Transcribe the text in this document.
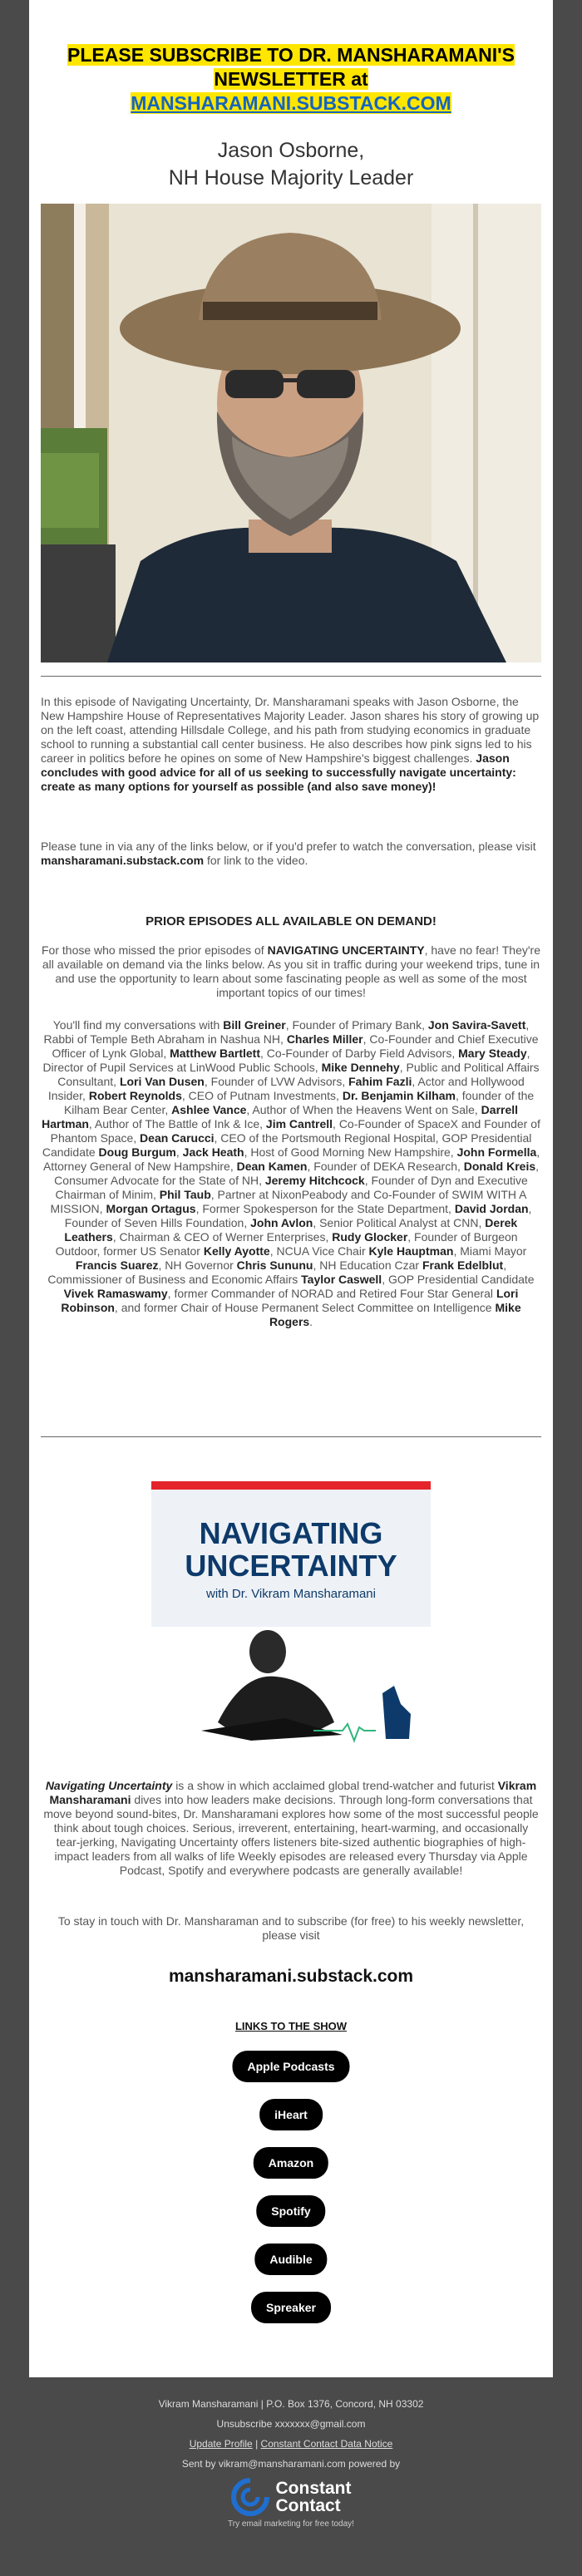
PLEASE SUBSCRIBE TO DR. MANSHARAMANI'S
NEWSLETTER at
MANSHARAMANI.SUBSTACK.COM
Jason Osborne,
NH House Majority Leader
In this episode of Navigating Uncertainty, Dr. Mansharamani speaks with Jason Osborne, the New Hampshire House of Representatives Majority Leader. Jason shares his story of growing up on the left coast, attending Hillsdale College, and his path from studying economics in graduate school to running a substantial call center business. He also describes how pink signs led to his career in politics before he opines on some of New Hampshire's biggest challenges. Jason concludes with good advice for all of us seeking to successfully navigate uncertainty: create as many options for yourself as possible (and also save money)!
Please tune in via any of the links below, or if you'd prefer to watch the conversation, please visit mansharamani.substack.com for link to the video.
PRIOR EPISODES ALL AVAILABLE ON DEMAND!
For those who missed the prior episodes of NAVIGATING UNCERTAINTY, have no fear! They're all available on demand via the links below. As you sit in traffic during your weekend trips, tune in and use the opportunity to learn about some fascinating people as well as some of the most important topics of our times!
You'll find my conversations with Bill Greiner, Founder of Primary Bank, Jon Savira-Savett, Rabbi of Temple Beth Abraham in Nashua NH, Charles Miller, Co-Founder and Chief Executive Officer of Lynk Global, Matthew Bartlett, Co-Founder of Darby Field Advisors, Mary Steady, Director of Pupil Services at LinWood Public Schools, Mike Dennehy, Public and Political Affairs Consultant, Lori Van Dusen, Founder of LVW Advisors, Fahim Fazli, Actor and Hollywood Insider, Robert Reynolds, CEO of Putnam Investments, Dr. Benjamin Kilham, founder of the Kilham Bear Center, Ashlee Vance, Author of When the Heavens Went on Sale, Darrell Hartman, Author of The Battle of Ink & Ice, Jim Cantrell, Co-Founder of SpaceX and Founder of Phantom Space, Dean Carucci, CEO of the Portsmouth Regional Hospital, GOP Presidential Candidate Doug Burgum, Jack Heath, Host of Good Morning New Hampshire, John Formella, Attorney General of New Hampshire, Dean Kamen, Founder of DEKA Research, Donald Kreis, Consumer Advocate for the State of NH, Jeremy Hitchcock, Founder of Dyn and Executive Chairman of Minim, Phil Taub, Partner at NixonPeabody and Co-Founder of SWIM WITH A MISSION, Morgan Ortagus, Former Spokesperson for the State Department, David Jordan, Founder of Seven Hills Foundation, John Avlon, Senior Political Analyst at CNN, Derek Leathers, Chairman & CEO of Werner Enterprises, Rudy Glocker, Founder of Burgeon Outdoor, former US Senator Kelly Ayotte, NCUA Vice Chair Kyle Hauptman, Miami Mayor Francis Suarez, NH Governor Chris Sununu, NH Education Czar Frank Edelblut, Commissioner of Business and Economic Affairs Taylor Caswell, GOP Presidential Candidate Vivek Ramaswamy, former Commander of NORAD and Retired Four Star General Lori Robinson, and former Chair of House Permanent Select Committee on Intelligence Mike Rogers.
NAVIGATING
UNCERTAINTY
with Dr. Vikram Mansharamani
Navigating Uncertainty is a show in which acclaimed global trend-watcher and futurist Vikram Mansharamani dives into how leaders make decisions. Through long-form conversations that move beyond sound-bites, Dr. Mansharamani explores how some of the most successful people think about tough choices. Serious, irreverent, entertaining, heart-warming, and occasionally tear-jerking, Navigating Uncertainty offers listeners bite-sized authentic biographies of high-impact leaders from all walks of life Weekly episodes are released every Thursday via Apple Podcast, Spotify and everywhere podcasts are generally available!
To stay in touch with Dr. Mansharaman and to subscribe (for free) to his weekly newsletter, please visit
mansharamani.substack.com
LINKS TO THE SHOW
Apple Podcasts
iHeart
Amazon
Spotify
Audible
Spreaker
Vikram Mansharamani | P.O. Box 1376, Concord, NH 03302
Unsubscribe xxxxxxx@gmail.com
Update Profile | Constant Contact Data Notice
Sent by vikram@mansharamani.com powered by
Constant
Contact
Try email marketing for free today!
